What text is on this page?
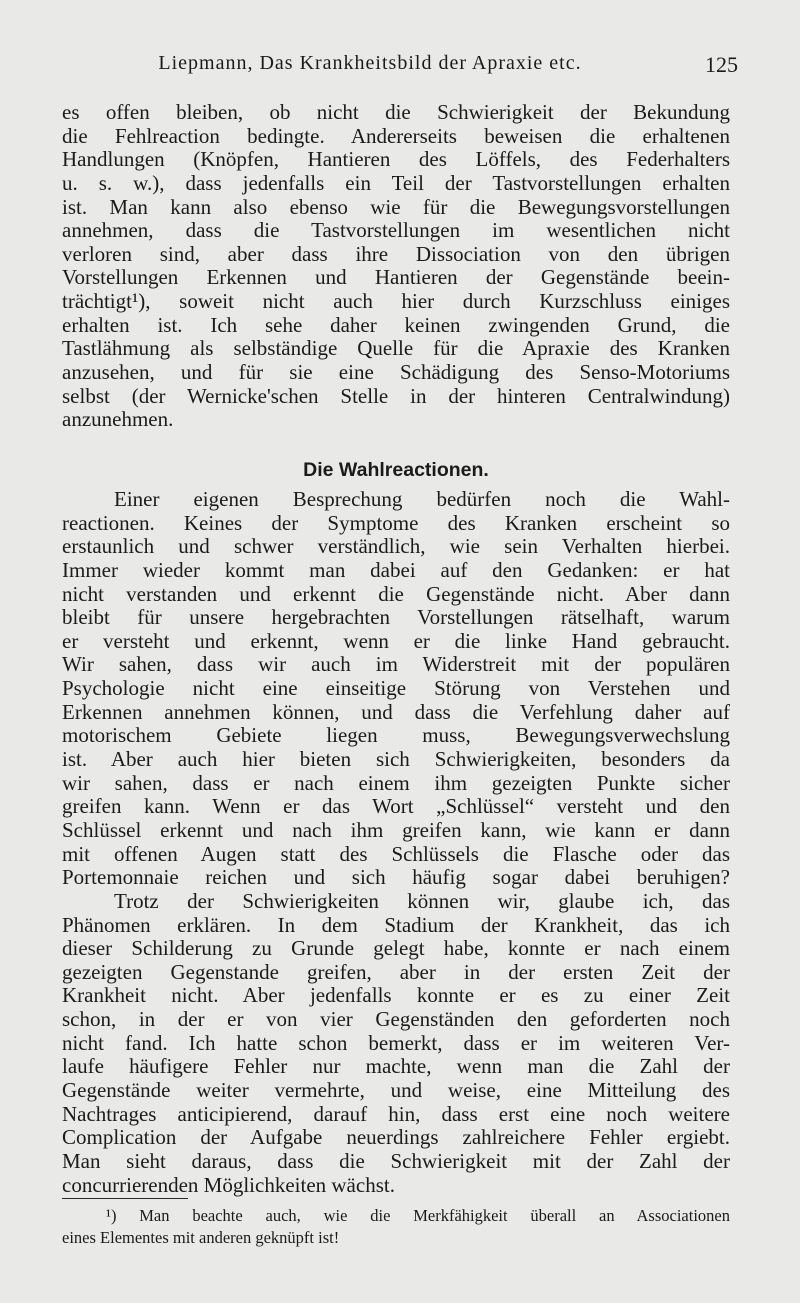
Liepmann, Das Krankheitsbild der Apraxie etc.	125
es offen bleiben, ob nicht die Schwierigkeit der Bekundung
die Fehlreaction bedingte. Andererseits beweisen die erhaltenen
Handlungen (Knöpfen, Hantieren des Löffels, des Federhalters
u. s. w.), dass jedenfalls ein Teil der Tastvorstellungen erhalten
ist. Man kann also ebenso wie für die Bewegungsvorstellungen
annehmen, dass die Tastvorstellungen im wesentlichen nicht
verloren sind, aber dass ihre Dissociation von den übrigen
Vorstellungen Erkennen und Hantieren der Gegenstände beein-
trächtigt¹), soweit nicht auch hier durch Kurzschluss einiges
erhalten ist. Ich sehe daher keinen zwingenden Grund, die
Tastlähmung als selbständige Quelle für die Apraxie des Kranken
anzusehen, und für sie eine Schädigung des Senso-Motoriums
selbst (der Wernicke'schen Stelle in der hinteren Centralwindung)
anzunehmen.
Die Wahlreactionen.
Einer eigenen Besprechung bedürfen noch die Wahl-
reactionen. Keines der Symptome des Kranken erscheint so
erstaunlich und schwer verständlich, wie sein Verhalten hierbei.
Immer wieder kommt man dabei auf den Gedanken: er hat
nicht verstanden und erkennt die Gegenstände nicht. Aber dann
bleibt für unsere hergebrachten Vorstellungen rätselhaft, warum
er versteht und erkennt, wenn er die linke Hand gebraucht.
Wir sahen, dass wir auch im Widerstreit mit der populären
Psychologie nicht eine einseitige Störung von Verstehen und
Erkennen annehmen können, und dass die Verfehlung daher auf
motorischem Gebiete liegen muss, Bewegungsverwechslung
ist. Aber auch hier bieten sich Schwierigkeiten, besonders da
wir sahen, dass er nach einem ihm gezeigten Punkte sicher
greifen kann. Wenn er das Wort „Schlüssel“ versteht und den
Schlüssel erkennt und nach ihm greifen kann, wie kann er dann
mit offenen Augen statt des Schlüssels die Flasche oder das
Portemonnaie reichen und sich häufig sogar dabei beruhigen?
Trotz der Schwierigkeiten können wir, glaube ich, das
Phänomen erklären. In dem Stadium der Krankheit, das ich
dieser Schilderung zu Grunde gelegt habe, konnte er nach einem
gezeigten Gegenstande greifen, aber in der ersten Zeit der
Krankheit nicht. Aber jedenfalls konnte er es zu einer Zeit
schon, in der er von vier Gegenständen den geforderten noch
nicht fand. Ich hatte schon bemerkt, dass er im weiteren Ver-
laufe häufigere Fehler nur machte, wenn man die Zahl der
Gegenstände weiter vermehrte, und weise, eine Mitteilung des
Nachtrages anticipierend, darauf hin, dass erst eine noch weitere
Complication der Aufgabe neuerdings zahlreichere Fehler ergiebt.
Man sieht daraus, dass die Schwierigkeit mit der Zahl der
concurrierenden Möglichkeiten wächst.
¹) Man beachte auch, wie die Merkfähigkeit überall an Associationen
eines Elementes mit anderen geknüpft ist!
